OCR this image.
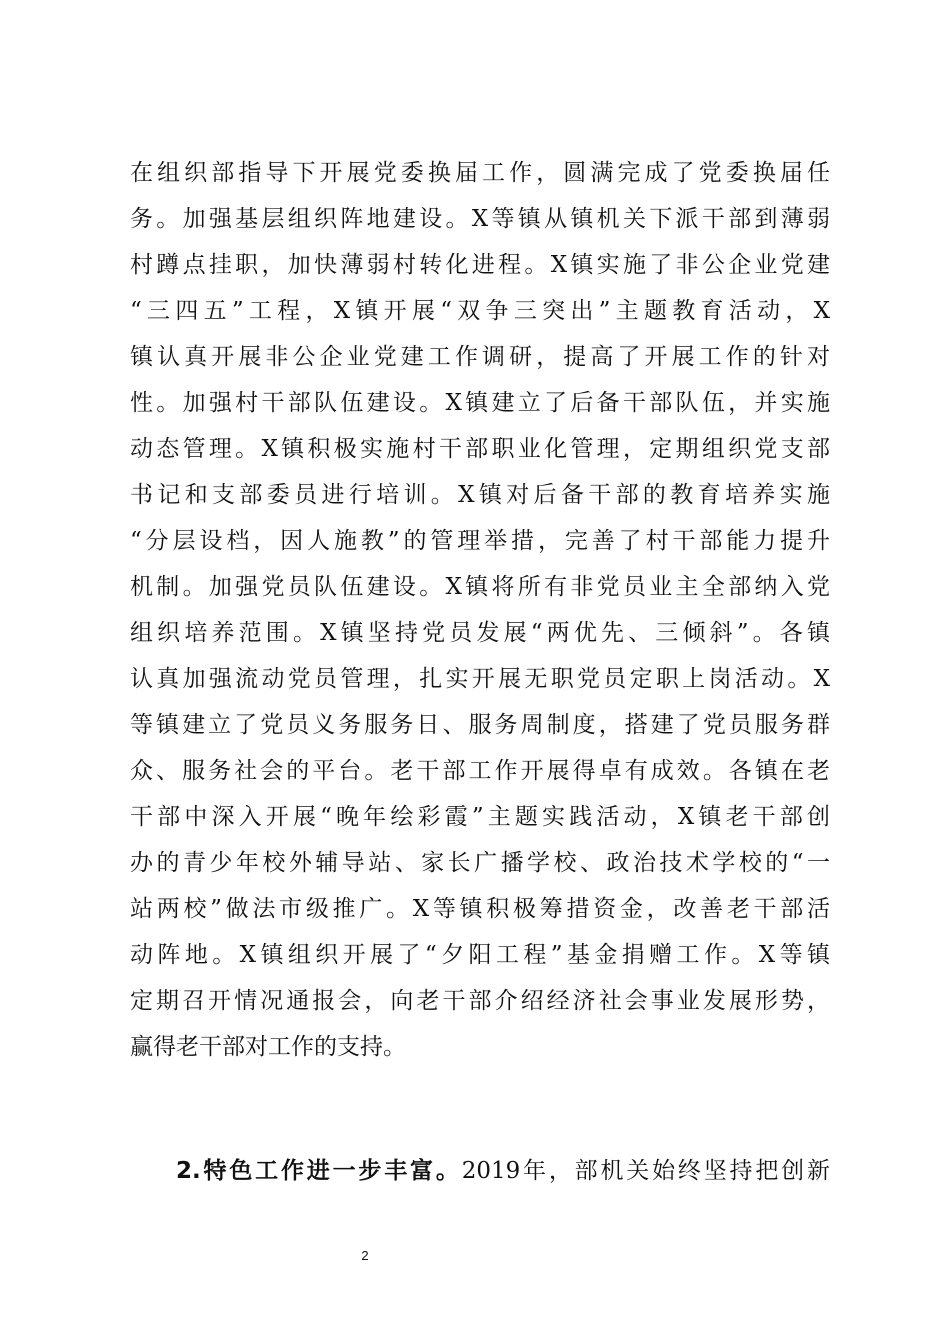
在组织部指导下开展党委换届工作，圆满完成了党委换届任
务。加强基层组织阵地建设。X等镇从镇机关下派干部到薄弱
村蹲点挂职，加快薄弱村转化进程。X镇实施了非公企业党建
“三四五”工程，X镇开展“双争三突出”主题教育活动，X
镇认真开展非公企业党建工作调研，提高了开展工作的针对
性。加强村干部队伍建设。X镇建立了后备干部队伍，并实施
动态管理。X镇积极实施村干部职业化管理，定期组织党支部
书记和支部委员进行培训。X镇对后备干部的教育培养实施
“分层设档，因人施教”的管理举措，完善了村干部能力提升
机制。加强党员队伍建设。X镇将所有非党员业主全部纳入党
组织培养范围。X镇坚持党员发展“两优先、三倾斜”。各镇
认真加强流动党员管理，扎实开展无职党员定职上岗活动。X
等镇建立了党员义务服务日、服务周制度，搭建了党员服务群
众、服务社会的平台。老干部工作开展得卓有成效。各镇在老
干部中深入开展“晚年绘彩霞”主题实践活动，X镇老干部创
办的青少年校外辅导站、家长广播学校、政治技术学校的“一
站两校”做法市级推广。X等镇积极筹措资金，改善老干部活
动阵地。X镇组织开展了“夕阳工程”基金捐赠工作。X等镇
定期召开情况通报会，向老干部介绍经济社会事业发展形势，
赢得老干部对工作的支持。
2.特色工作进一步丰富。2019年，部机关始终坚持把创新
2
